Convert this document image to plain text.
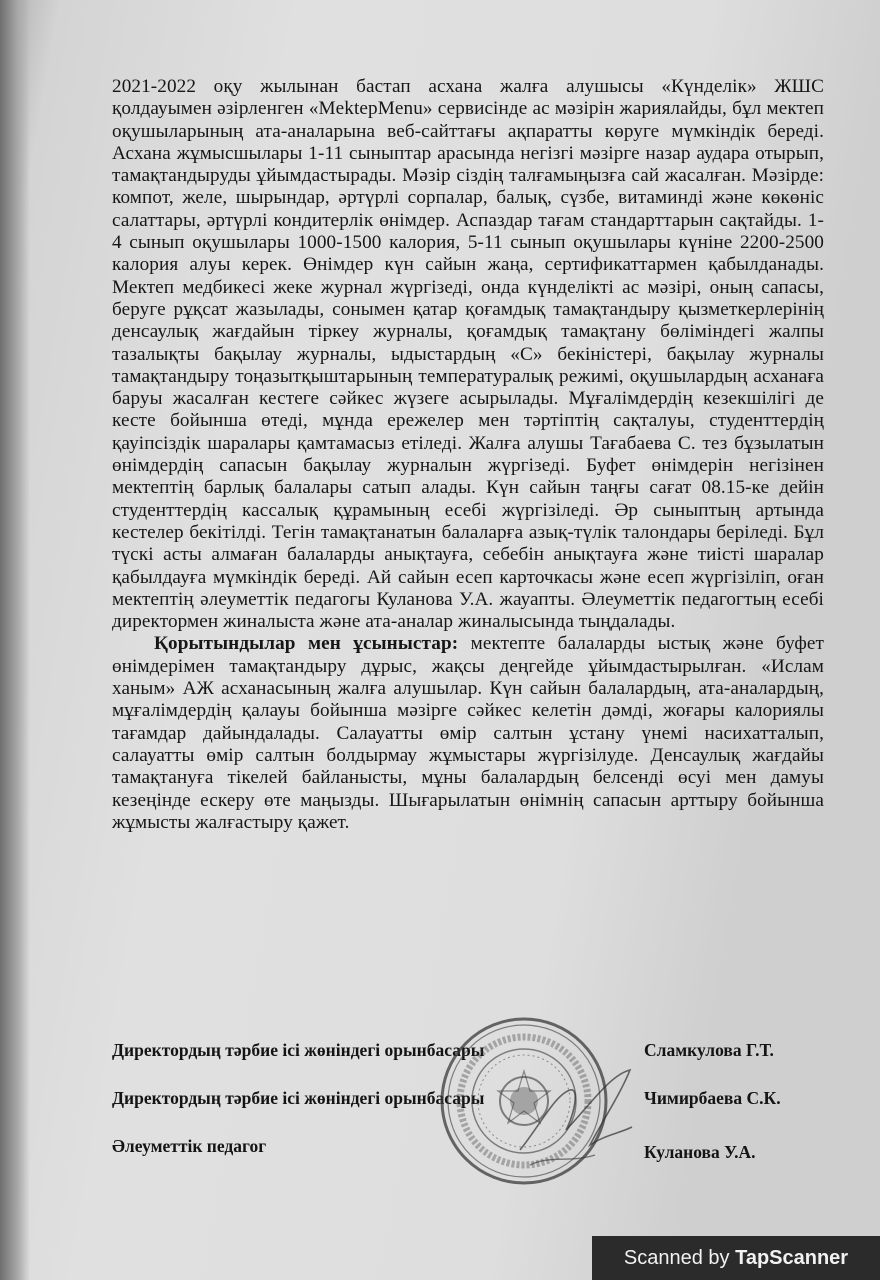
2021-2022 оқу жылынан бастап асхана жалға алушысы «Күнделік» ЖШС қолдауымен әзірленген «MektepMenu» сервисінде ас мәзірін жариялайды, бұл мектеп оқушыларының ата-аналарына веб-сайттағы ақпаратты көруге мүмкіндік береді. Асхана жұмысшылары 1-11 сыныптар арасында негізгі мәзірге назар аудара отырып, тамақтандыруды ұйымдастырады. Мәзір сіздің талғамыңызға сай жасалған. Мәзірде: компот, желе, шырындар, әртүрлі сорпалар, балық, сүзбе, витаминді және көкөніс салаттары, әртүрлі кондитерлік өнімдер. Аспаздар тағам стандарттарын сақтайды. 1-4 сынып оқушылары 1000-1500 калория, 5-11 сынып оқушылары күніне 2200-2500 калория алуы керек. Өнімдер күн сайын жаңа, сертификаттармен қабылданады. Мектеп медбикесі жеке журнал жүргізеді, онда күнделікті ас мәзірі, оның сапасы, беруге рұқсат жазылады, сонымен қатар қоғамдық тамақтандыру қызметкерлерінің денсаулық жағдайын тіркеу журналы, қоғамдық тамақтану бөліміндегі жалпы тазалықты бақылау журналы, ыдыстардың «С» бекіністері, бақылау журналы тамақтандыру тоңазытқыштарының температуралық режимі, оқушылардың асханаға баруы жасалған кестеге сәйкес жүзеге асырылады. Мұғалімдердің кезекшілігі де кесте бойынша өтеді, мұнда ережелер мен тәртіптің сақталуы, студенттердің қауіпсіздік шаралары қамтамасыз етіледі. Жалға алушы Тағабаева С. тез бұзылатын өнімдердің сапасын бақылау журналын жүргізеді. Буфет өнімдерін негізінен мектептің барлық балалары сатып алады. Күн сайын таңғы сағат 08.15-ке дейін студенттердің кассалық құрамының есебі жүргізіледі. Әр сыныптың артында кестелер бекітілді. Тегін тамақтанатын балаларға азық-түлік талондары беріледі. Бұл түскі асты алмаған балаларды анықтауға, себебін анықтауға және тиісті шаралар қабылдауға мүмкіндік береді. Ай сайын есеп карточкасы және есеп жүргізіліп, оған мектептің әлеуметтік педагогы Куланова У.А. жауапты. Әлеуметтік педагогтың есебі директормен жиналыста және ата-аналар жиналысында тыңдалады.

Қорытындылар мен ұсыныстар: мектепте балаларды ыстық және буфет өнімдерімен тамақтандыру дұрыс, жақсы деңгейде ұйымдастырылған. «Ислам ханым» АЖ асханасының жалға алушылар. Күн сайын балалардың, ата-аналардың, мұғалімдердің қалауы бойынша мәзірге сәйкес келетін дәмді, жоғары калориялы тағамдар дайындалады. Салауатты өмір салтын ұстану үнемі насихатталып, салауатты өмір салтын болдырмау жұмыстары жүргізілуде. Денсаулық жағдайы тамақтануға тікелей байланысты, мұны балалардың белсенді өсуі мен дамуы кезеңінде ескеру өте маңызды. Шығарылатын өнімнің сапасын арттыру бойынша жұмысты жалғастыру қажет.

Директордың тәрбие ісі жөніндегі орынбасары	Сламкулова Г.Т.
Директордың тәрбие ісі жөніндегі орынбасары	Чимирбаева С.К.
Әлеуметтік педагог	Куланова У.А.
Scanned by TapScanner
